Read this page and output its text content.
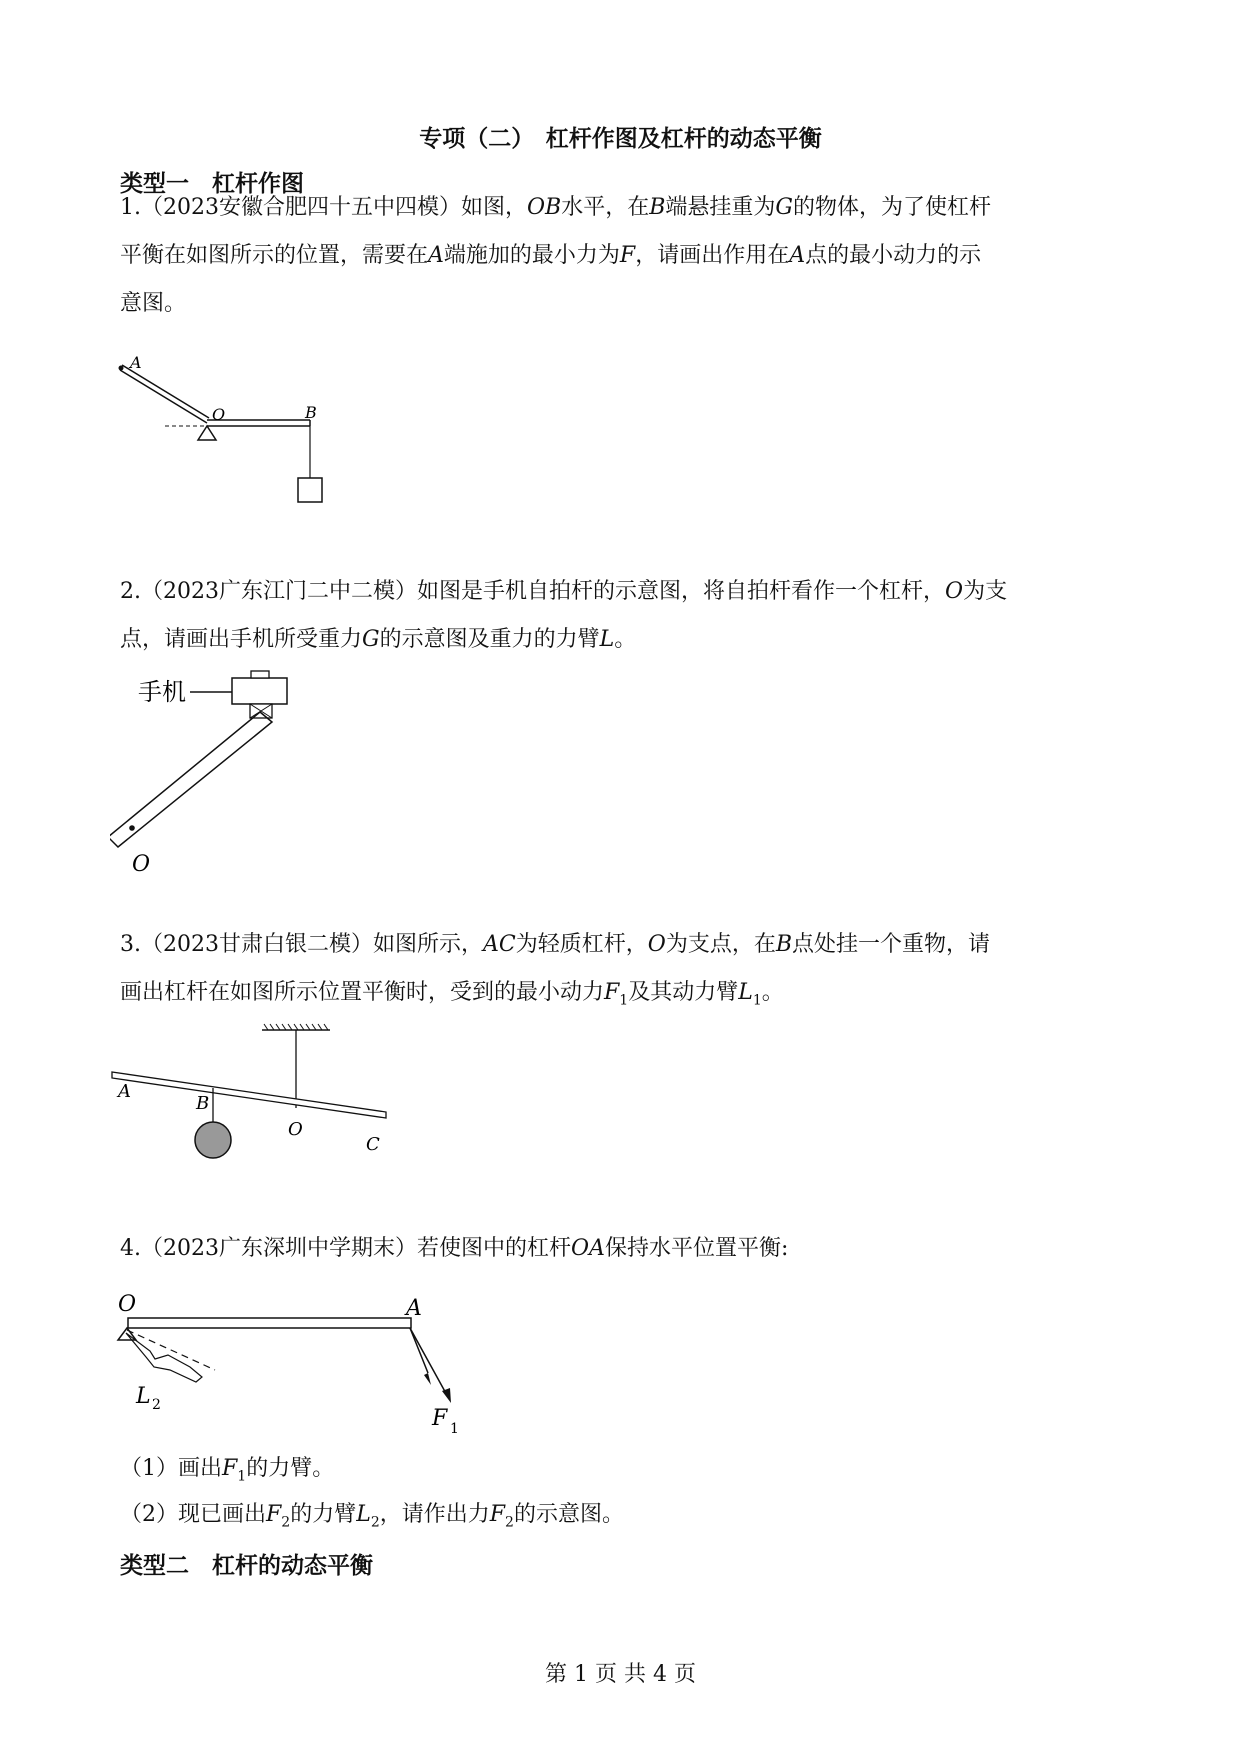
专项（二）　杠杆作图及杠杆的动态平衡
类型一　杠杆作图
1.（2023安徽合肥四十五中四模）如图，OB水平，在B端悬挂重为G的物体，为了使杠杆
平衡在如图所示的位置，需要在A端施加的最小力为F，请画出作用在A点的最小动力的示
意图。
A
O	B
2.（2023广东江门二中二模）如图是手机自拍杆的示意图，将自拍杆看作一个杠杆，O为支
点，请画出手机所受重力G的示意图及重力的力臂L。
手机
O
3.（2023甘肃白银二模）如图所示，AC为轻质杠杆，O为支点，在B点处挂一个重物，请
画出杠杆在如图所示位置平衡时，受到的最小动力$F_1$及其动力臂$L_1$。
A
B
O
C
4.（2023广东深圳中学期末）若使图中的杠杆OA保持水平位置平衡:
O	A
L 2
F 1
（1）画出$F_1$的力臂。
（2）现已画出$F_2$的力臂$L_2$，请作出力$F_2$的示意图。
类型二　杠杆的动态平衡
第 1 页 共 4 页
